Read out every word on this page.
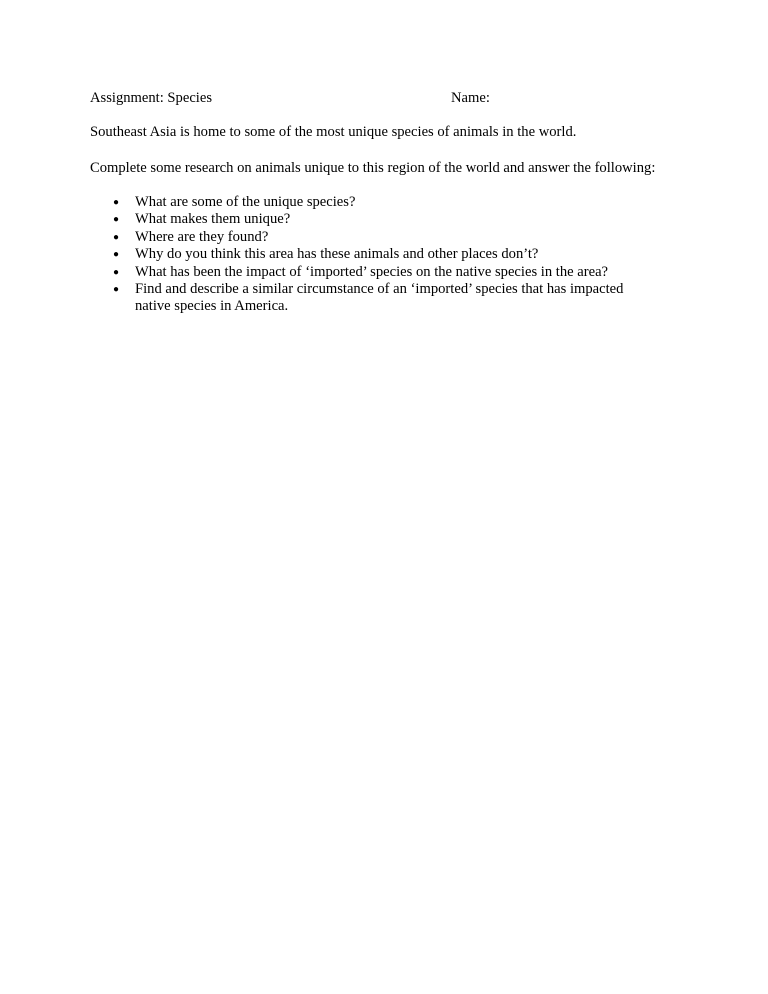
Assignment: Species	Name:

Southeast Asia is home to some of the most unique species of animals in the world.

Complete some research on animals unique to this region of the world and answer the following:

● What are some of the unique species?
● What makes them unique?
● Where are they found?
● Why do you think this area has these animals and other places don’t?
● What has been the impact of ‘imported’ species on the native species in the area?
● Find and describe a similar circumstance of an ‘imported’ species that has impacted native species in America.
